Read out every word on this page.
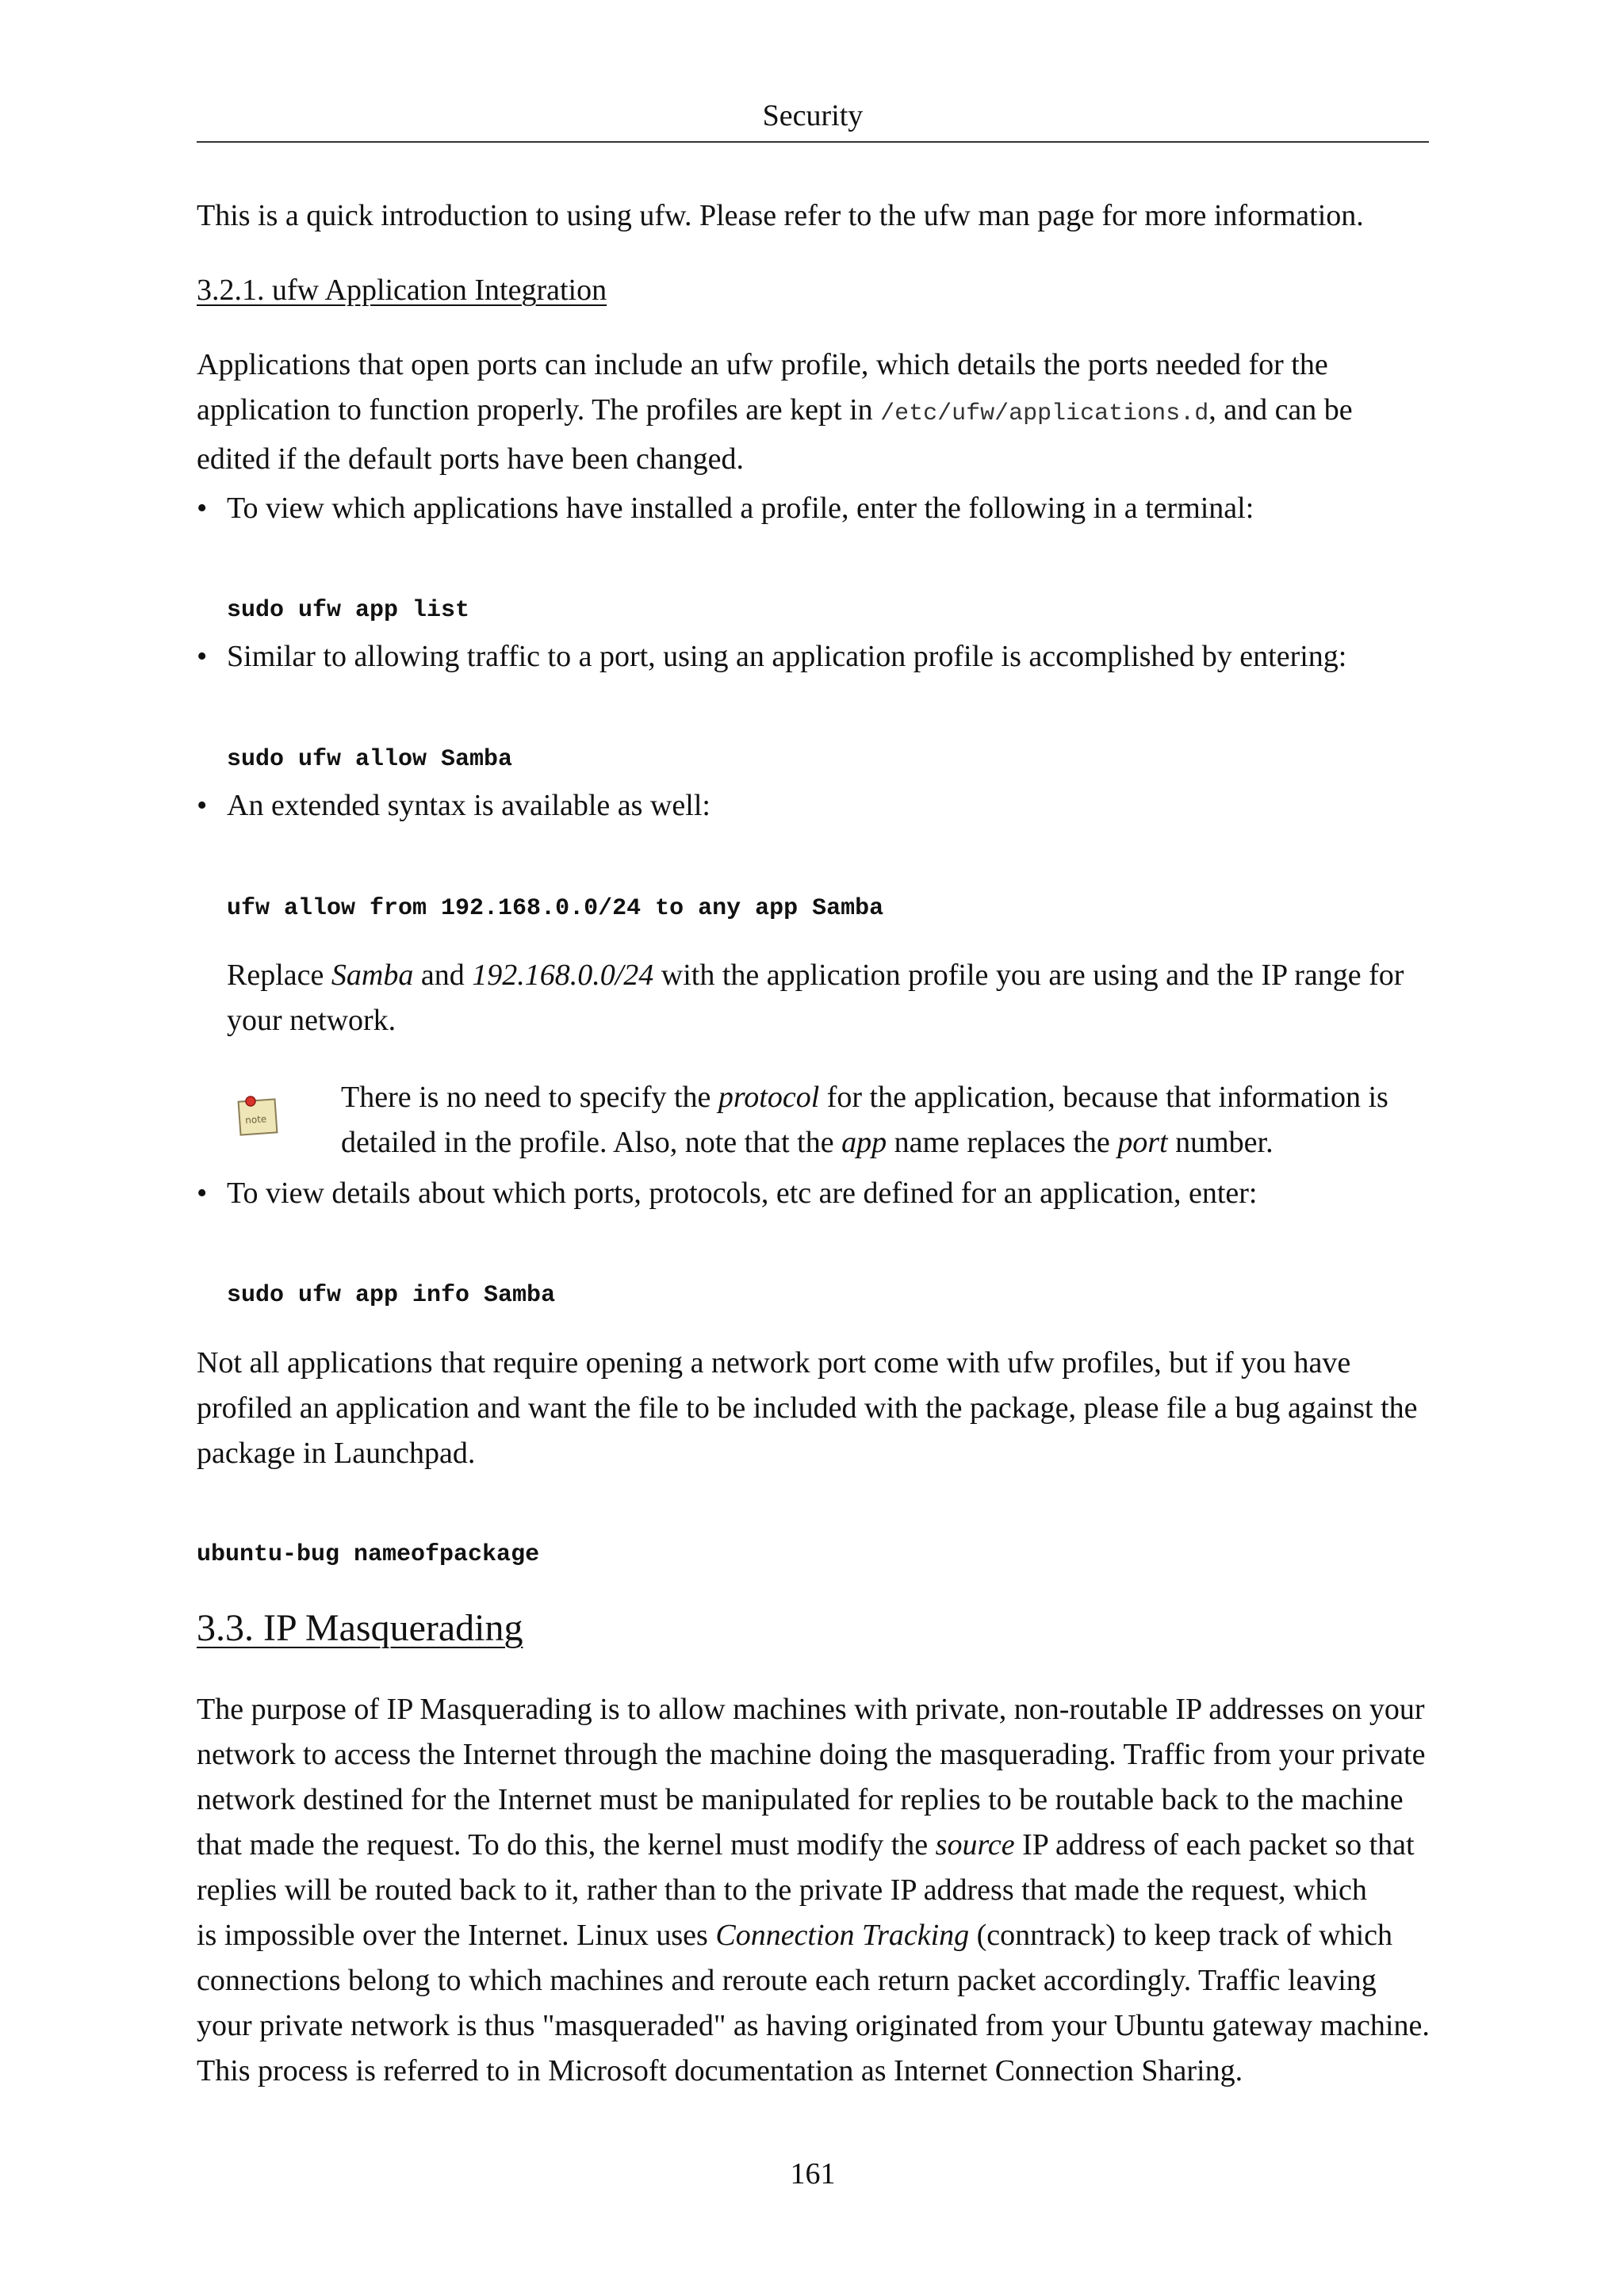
Security
This is a quick introduction to using ufw. Please refer to the ufw man page for more information.
3.2.1. ufw Application Integration
Applications that open ports can include an ufw profile, which details the ports needed for the
application to function properly. The profiles are kept in /etc/ufw/applications.d, and can be
edited if the default ports have been changed.
• To view which applications have installed a profile, enter the following in a terminal:
sudo ufw app list
• Similar to allowing traffic to a port, using an application profile is accomplished by entering:
sudo ufw allow Samba
• An extended syntax is available as well:
ufw allow from 192.168.0.0/24 to any app Samba
Replace Samba and 192.168.0.0/24 with the application profile you are using and the IP range for
your network.
note
There is no need to specify the protocol for the application, because that information is
detailed in the profile. Also, note that the app name replaces the port number.
• To view details about which ports, protocols, etc are defined for an application, enter:
sudo ufw app info Samba
Not all applications that require opening a network port come with ufw profiles, but if you have
profiled an application and want the file to be included with the package, please file a bug against the
package in Launchpad.
ubuntu-bug nameofpackage
3.3. IP Masquerading
The purpose of IP Masquerading is to allow machines with private, non-routable IP addresses on your
network to access the Internet through the machine doing the masquerading. Traffic from your private
network destined for the Internet must be manipulated for replies to be routable back to the machine
that made the request. To do this, the kernel must modify the source IP address of each packet so that
replies will be routed back to it, rather than to the private IP address that made the request, which
is impossible over the Internet. Linux uses Connection Tracking (conntrack) to keep track of which
connections belong to which machines and reroute each return packet accordingly. Traffic leaving
your private network is thus "masqueraded" as having originated from your Ubuntu gateway machine.
This process is referred to in Microsoft documentation as Internet Connection Sharing.
161
